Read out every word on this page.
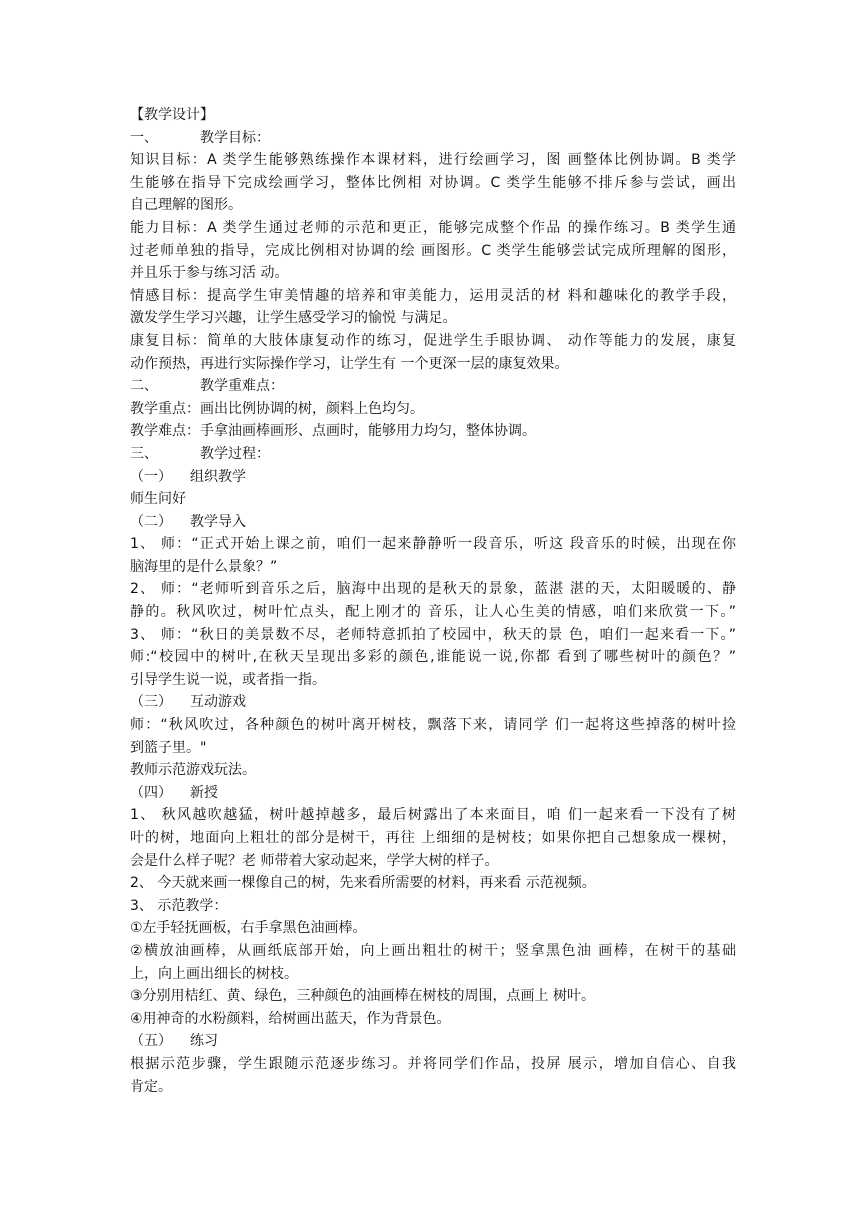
【教学设计】
一、	教学目标：
知识目标：A 类学生能够熟练操作本课材料，进行绘画学习，图 画整体比例协调。B 类学
生能够在指导下完成绘画学习，整体比例相 对协调。C 类学生能够不排斥参与尝试，画出
自己理解的图形。
能力目标：A 类学生通过老师的示范和更正，能够完成整个作品 的操作练习。B 类学生通
过老师单独的指导，完成比例相对协调的绘 画图形。C 类学生能够尝试完成所理解的图形，
并且乐于参与练习活 动。
情感目标：提高学生审美情趣的培养和审美能力，运用灵活的材 料和趣味化的教学手段，
激发学生学习兴趣，让学生感受学习的愉悦 与满足。
康复目标：简单的大肢体康复动作的练习，促进学生手眼协调、 动作等能力的发展，康复
动作预热，再进行实际操作学习，让学生有 一个更深一层的康复效果。
二、	教学重难点：
教学重点：画出比例协调的树，颜料上色均匀。
教学难点：手拿油画棒画形、点画时，能够用力均匀，整体协调。
三、	教学过程：
（一） 组织教学
师生问好
（二） 教学导入
1、 师：“正式开始上课之前，咱们一起来静静听一段音乐，听这 段音乐的时候，出现在你
脑海里的是什么景象？”
2、 师：“老师听到音乐之后，脑海中出现的是秋天的景象，蓝湛 湛的天，太阳暖暖的、静
静的。秋风吹过，树叶忙点头，配上刚才的 音乐，让人心生美的情感，咱们来欣赏一下。”
3、 师：“秋日的美景数不尽，老师特意抓拍了校园中，秋天的景 色，咱们一起来看一下。”
师:“校园中的树叶,在秋天呈现出多彩的颜色,谁能说一说,你都 看到了哪些树叶的颜色？”
引导学生说一说，或者指一指。
（三） 互动游戏
师：“秋风吹过，各种颜色的树叶离开树枝，飘落下来，请同学 们一起将这些掉落的树叶捡
到篮子里。"
教师示范游戏玩法。
（四） 新授
1、 秋风越吹越猛，树叶越掉越多，最后树露出了本来面目，咱 们一起来看一下没有了树
叶的树，地面向上粗壮的部分是树干，再往 上细细的是树枝；如果你把自己想象成一棵树，
会是什么样子呢？老 师带着大家动起来，学学大树的样子。
2、 今天就来画一棵像自己的树，先来看所需要的材料，再来看 示范视频。
3、 示范教学：
①左手轻抚画板，右手拿黑色油画棒。
②横放油画棒，从画纸底部开始，向上画出粗壮的树干；竖拿黑色油 画棒，在树干的基础
上，向上画出细长的树枝。
③分别用桔红、黄、绿色，三种颜色的油画棒在树枝的周围，点画上 树叶。
④用神奇的水粉颜料，给树画出蓝天，作为背景色。
（五） 练习
根据示范步骤，学生跟随示范逐步练习。并将同学们作品，投屏 展示，增加自信心、自我
肯定。
